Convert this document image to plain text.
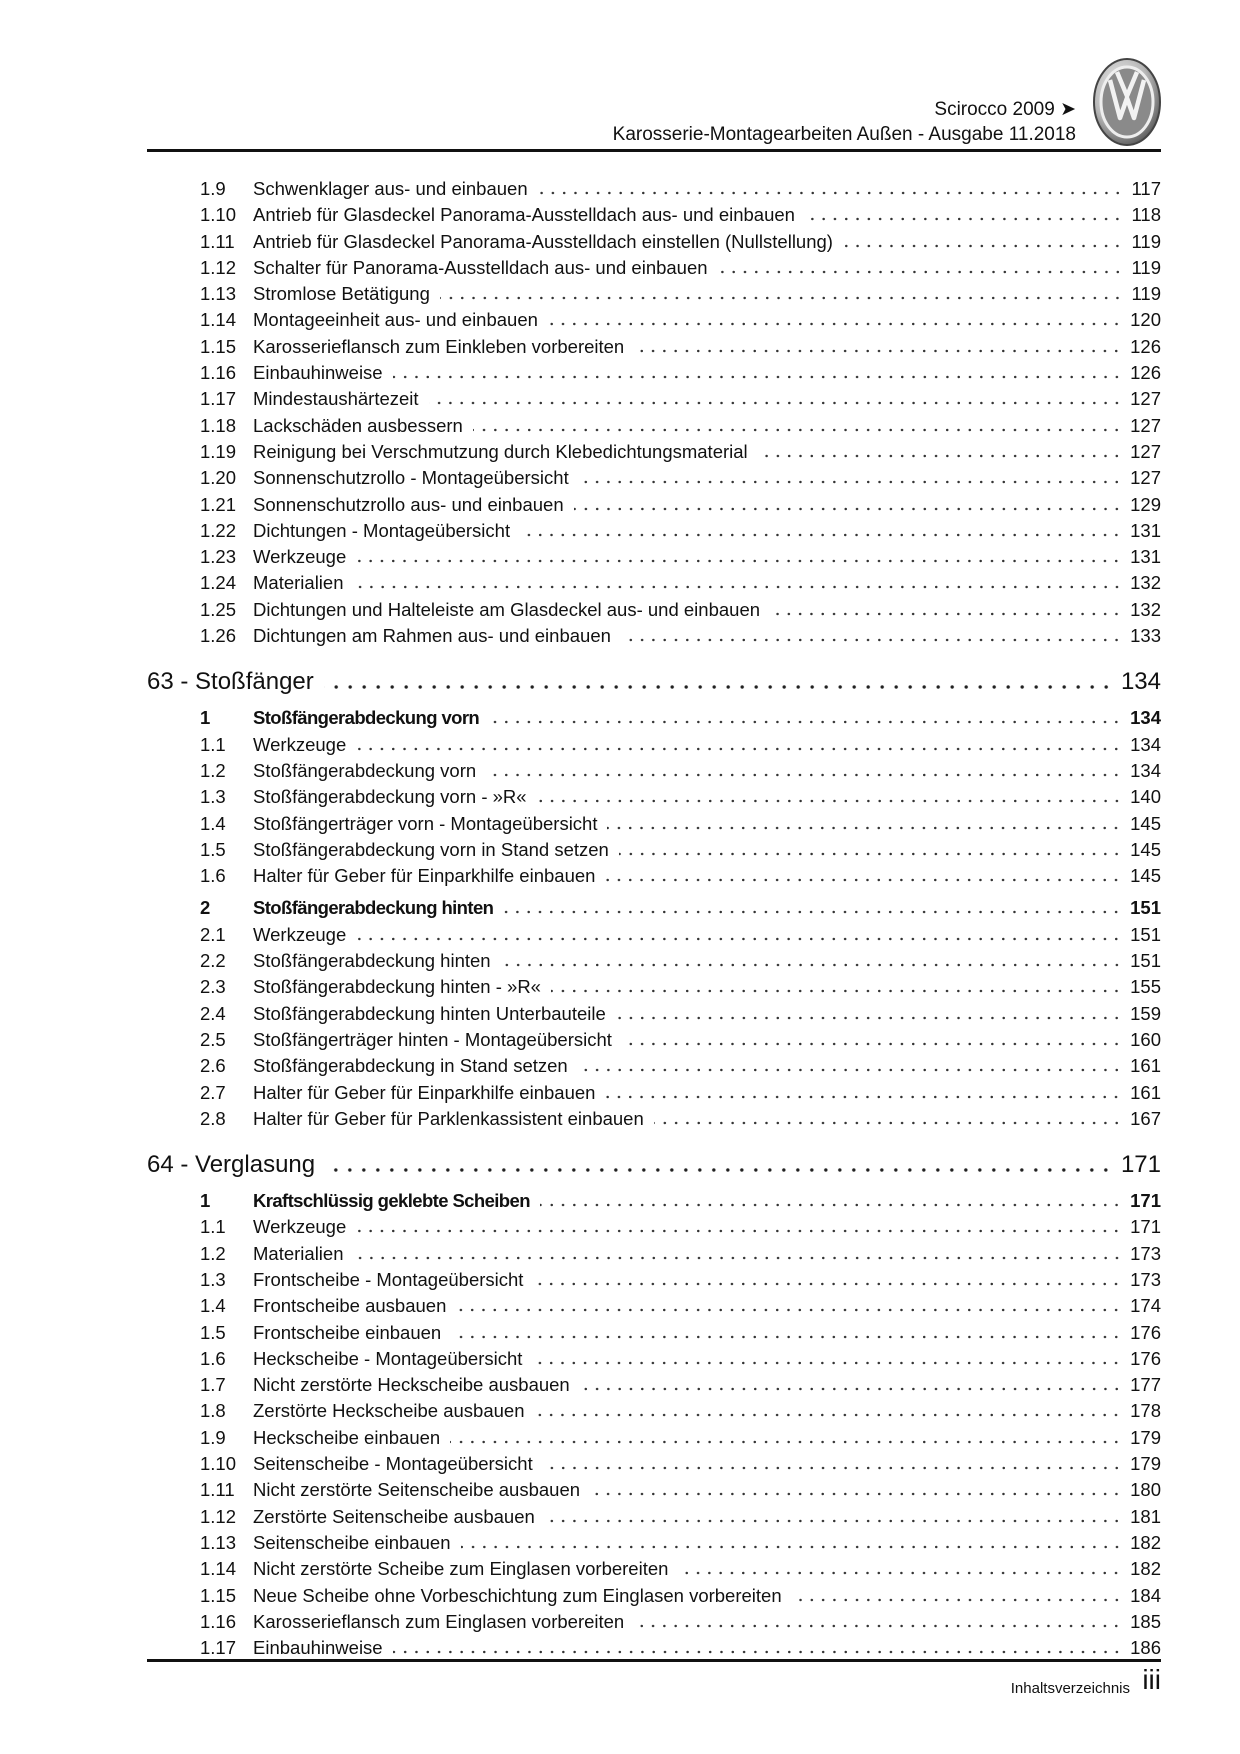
Scirocco 2009 ➤
Karosserie-Montagearbeiten Außen - Ausgabe 11.2018
1.9	Schwenklager aus- und einbauen	117
1.10 Antrieb für Glasdeckel Panorama-Ausstelldach aus- und einbauen	118
1.11 Antrieb für Glasdeckel Panorama-Ausstelldach einstellen (Nullstellung)	119
1.12 Schalter für Panorama-Ausstelldach aus- und einbauen	119
1.13 Stromlose Betätigung	119
1.14 Montageeinheit aus- und einbauen	120
1.15 Karosserieflansch zum Einkleben vorbereiten	126
1.16 Einbauhinweise	126
1.17 Mindestaushärtezeit	127
1.18 Lackschäden ausbessern	127
1.19 Reinigung bei Verschmutzung durch Klebedichtungsmaterial	127
1.20 Sonnenschutzrollo - Montageübersicht	127
1.21 Sonnenschutzrollo aus- und einbauen	129
1.22 Dichtungen - Montageübersicht	131
1.23 Werkzeuge	131
1.24 Materialien	132
1.25 Dichtungen und Halteleiste am Glasdeckel aus- und einbauen	132
1.26 Dichtungen am Rahmen aus- und einbauen	133
63 - Stoßfänger	134
1	Stoßfängerabdeckung vorn	134
1.1	Werkzeuge	134
1.2	Stoßfängerabdeckung vorn	134
1.3	Stoßfängerabdeckung vorn - »R«	140
1.4	Stoßfängerträger vorn - Montageübersicht	145
1.5	Stoßfängerabdeckung vorn in Stand setzen	145
1.6	Halter für Geber für Einparkhilfe einbauen	145
2	Stoßfängerabdeckung hinten	151
2.1	Werkzeuge	151
2.2	Stoßfängerabdeckung hinten	151
2.3	Stoßfängerabdeckung hinten - »R«	155
2.4	Stoßfängerabdeckung hinten Unterbauteile	159
2.5	Stoßfängerträger hinten - Montageübersicht	160
2.6	Stoßfängerabdeckung in Stand setzen	161
2.7	Halter für Geber für Einparkhilfe einbauen	161
2.8	Halter für Geber für Parklenkassistent einbauen	167
64 - Verglasung	171
1	Kraftschlüssig geklebte Scheiben	171
1.1	Werkzeuge	171
1.2	Materialien	173
1.3	Frontscheibe - Montageübersicht	173
1.4	Frontscheibe ausbauen	174
1.5	Frontscheibe einbauen	176
1.6	Heckscheibe - Montageübersicht	176
1.7	Nicht zerstörte Heckscheibe ausbauen	177
1.8	Zerstörte Heckscheibe ausbauen	178
1.9	Heckscheibe einbauen	179
1.10 Seitenscheibe - Montageübersicht	179
1.11 Nicht zerstörte Seitenscheibe ausbauen	180
1.12 Zerstörte Seitenscheibe ausbauen	181
1.13 Seitenscheibe einbauen	182
1.14 Nicht zerstörte Scheibe zum Einglasen vorbereiten	182
1.15 Neue Scheibe ohne Vorbeschichtung zum Einglasen vorbereiten	184
1.16 Karosserieflansch zum Einglasen vorbereiten	185
1.17 Einbauhinweise	186
Inhaltsverzeichnis iii
